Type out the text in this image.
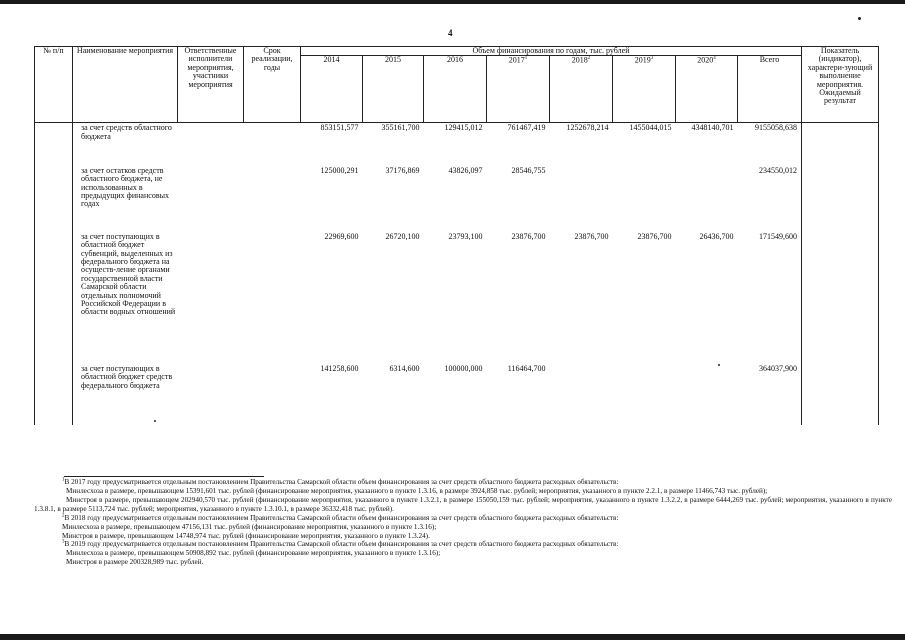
4
№ п/п	Наименование мероприятия	Ответственные исполнители мероприятия, участники мероприятия	Срок реализации, годы	Объем финансирования по годам, тыс. рублей								Показатель (индикатор), характери-зующий выполнение мероприятия. Ожидаемый результат
				2014	2015	2016	2017$^1$	2018$^2$	2019$^3$	2020$^4$	Всего	
	за счет средств областного бюджета			853151,577	355161,700	129415,012	761467,419	1252678,214	1455044,015	4348140,701	9155058,638	
	за счет остатков средств областного бюджета, не использованных в предыдущих финансовых годах			125000,291	37176,869	43826,097	28546,755				234550,012	
	за счет поступающих в областной бюджет субвенций, выделенных из федерального бюджета на осуществ-ление органами государственной власти Самарской области отдельных полномочий Российской Федерации в области водных отношений			22969,600	26720,100	23793,100	23876,700	23876,700	23876,700	26436,700	171549,600	
	за счет поступающих в областной бюджет средств федерального бюджета			141258,600	6314,600	100000,000	116464,700				364037,900	

$^1$В 2017 году предусматривается отдельным постановлением Правительства Самарской области объем финансирования за счет средств областного бюджета расходных обязательств:

Минлесхоза в размере, превышающем 15391,601 тыс. рублей (финансирование мероприятия, указанного в пункте 1.3.16, в размере 3924,858 тыс. рублей; мероприятия, указанного в пункте 2.2.1, в размере 11466,743 тыс. рублей);

Минстроя в размере, превышающем 202940,570 тыс. рублей (финансирование мероприятия, указанного в пункте 1.3.2.1, в размере 155050,159 тыс. рублей; мероприятия, указанного в пункте 1.3.2.2, в размере 6444,269 тыс. рублей; мероприятия, указанного в пункте 1.3.8.1, в размере 5113,724 тыс. рублей; мероприятия, указанного в пункте 1.3.10.1, в размере 36332,418 тыс. рублей).

$^2$В 2018 году предусматривается отдельным постановлением Правительства Самарской области объем финансирования за счет средств областного бюджета расходных обязательств:

Минлесхоза в размере, превышающем 47156,131 тыс. рублей (финансирование мероприятия, указанного в пункте 1.3.16);

Минстроя в размере, превышающем 14748,974 тыс. рублей (финансирование мероприятия, указанного в пункте 1.3.24).

$^3$В 2019 году предусматривается отдельным постановлением Правительства Самарской области объем финансирования за счет средств областного бюджета расходных обязательств:

Минлесхоза в размере, превышающем 50908,892 тыс. рублей (финансирование мероприятия, указанного в пункте 1.3.16);

Минстроя в размере 200328,989 тыс. рублей.
